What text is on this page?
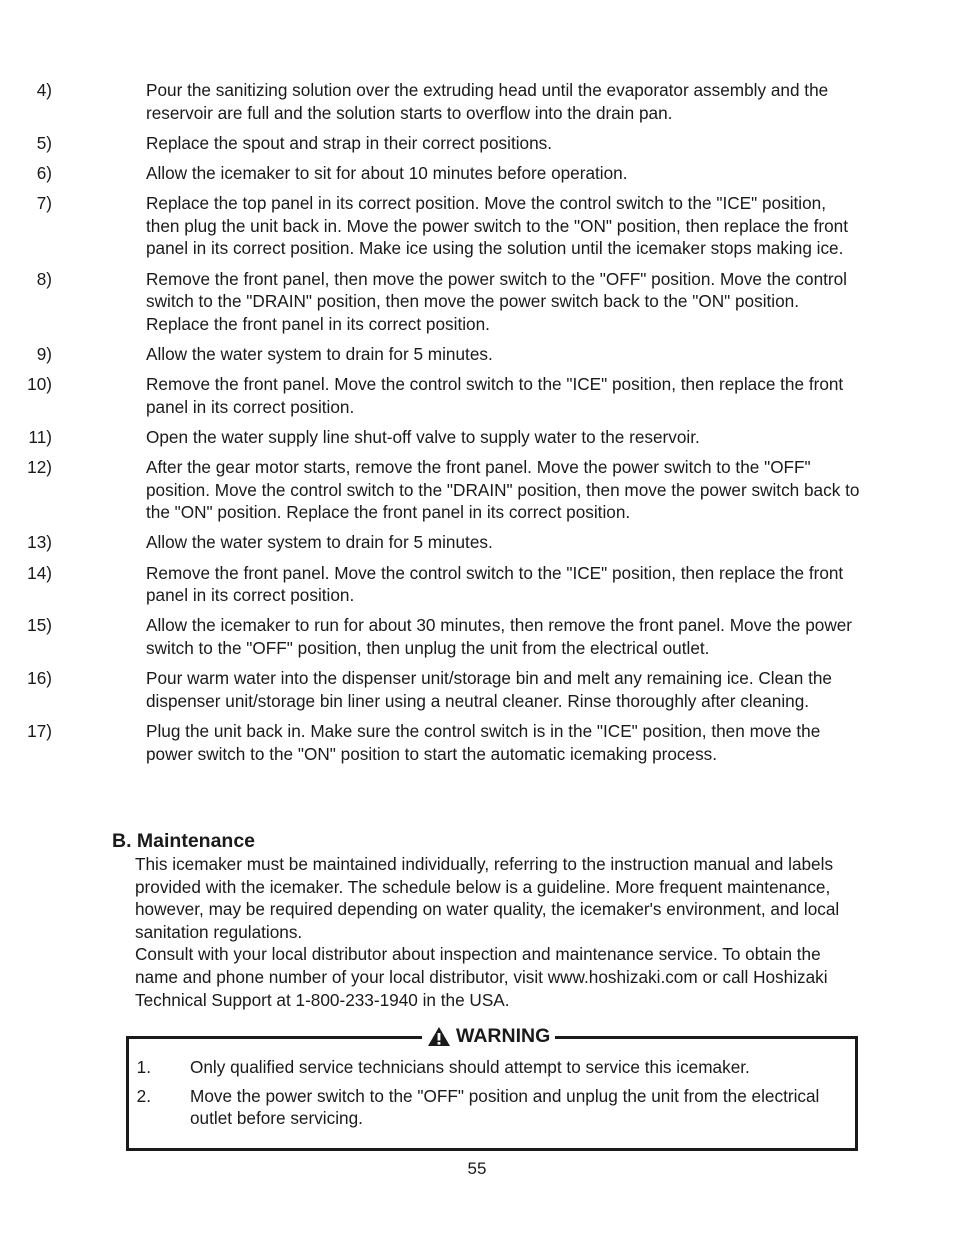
4)	Pour the sanitizing solution over the extruding head until the evaporator assembly and the reservoir are full and the solution starts to overflow into the drain pan.
5)	Replace the spout and strap in their correct positions.
6)	Allow the icemaker to sit for about 10 minutes before operation.
7)	Replace the top panel in its correct position. Move the control switch to the "ICE" position, then plug the unit back in. Move the power switch to the "ON" position, then replace the front panel in its correct position. Make ice using the solution until the icemaker stops making ice.
8)	Remove the front panel, then move the power switch to the "OFF" position. Move the control switch to the "DRAIN" position, then move the power switch back to the "ON" position. Replace the front panel in its correct position.
9)	Allow the water system to drain for 5 minutes.
10)	Remove the front panel. Move the control switch to the "ICE" position, then replace the front panel in its correct position.
11)	Open the water supply line shut-off valve to supply water to the reservoir.
12)	After the gear motor starts, remove the front panel. Move the power switch to the "OFF" position. Move the control switch to the "DRAIN" position, then move the power switch back to the "ON" position. Replace the front panel in its correct position.
13)	Allow the water system to drain for 5 minutes.
14)	Remove the front panel. Move the control switch to the "ICE" position, then replace the front panel in its correct position.
15)	Allow the icemaker to run for about 30 minutes, then remove the front panel. Move the power switch to the "OFF" position, then unplug the unit from the electrical outlet.
16)	Pour warm water into the dispenser unit/storage bin and melt any remaining ice. Clean the dispenser unit/storage bin liner using a neutral cleaner. Rinse thoroughly after cleaning.
17)	Plug the unit back in. Make sure the control switch is in the "ICE" position, then move the power switch to the "ON" position to start the automatic icemaking process.
B. Maintenance

This icemaker must be maintained individually, referring to the instruction manual and labels provided with the icemaker. The schedule below is a guideline. More frequent maintenance, however, may be required depending on water quality, the icemaker's environment, and local sanitation regulations.

Consult with your local distributor about inspection and maintenance service. To obtain the name and phone number of your local distributor, visit www.hoshizaki.com or call Hoshizaki Technical Support at 1-800-233-1940 in the USA.

WARNING
1. Only qualified service technicians should attempt to service this icemaker.
2. Move the power switch to the "OFF" position and unplug the unit from the electrical outlet before servicing.
55
